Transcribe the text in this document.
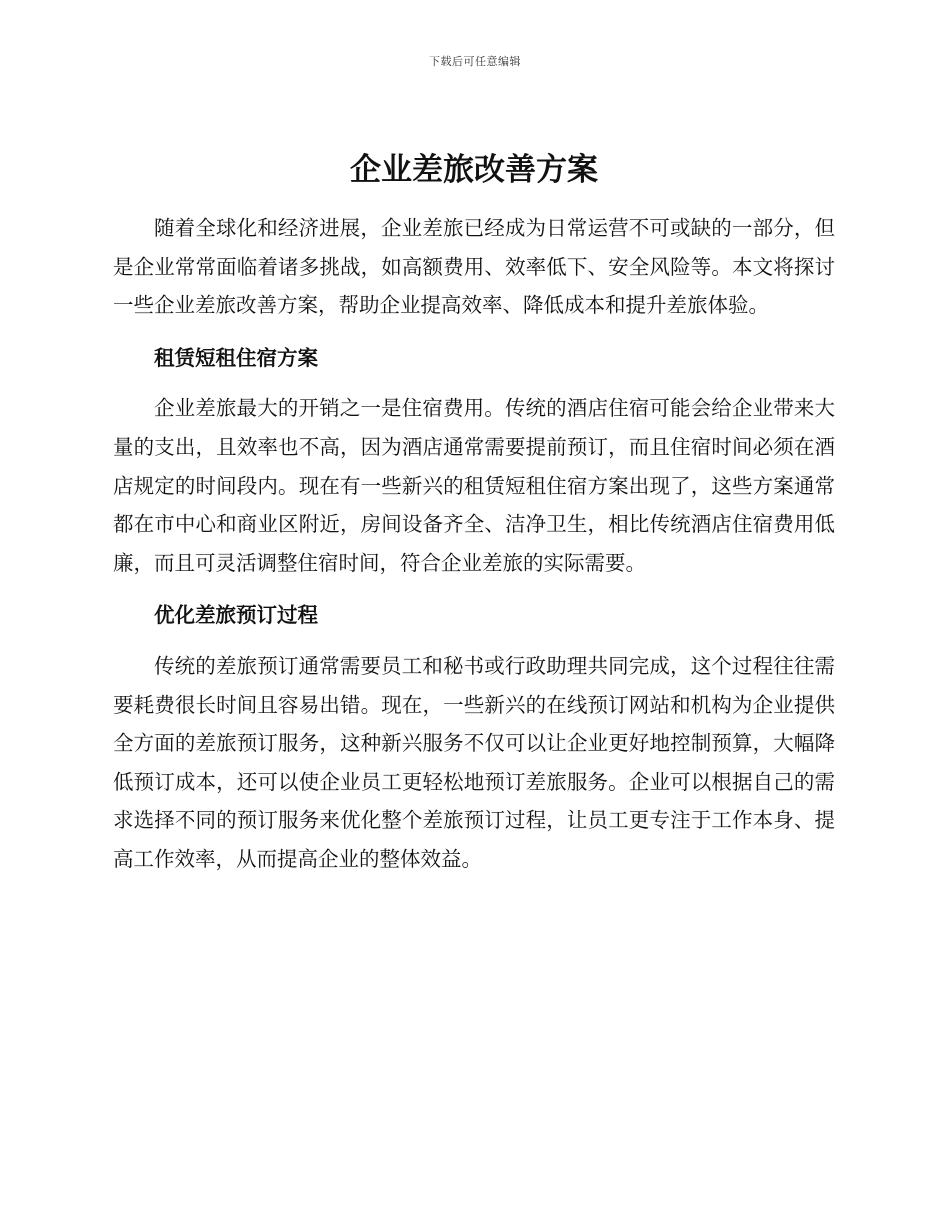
下载后可任意编辑
企业差旅改善方案

随着全球化和经济进展，企业差旅已经成为日常运营不可或缺的一部分，但是企业常常面临着诸多挑战，如高额费用、效率低下、安全风险等。本文将探讨一些企业差旅改善方案，帮助企业提高效率、降低成本和提升差旅体验。

租赁短租住宿方案

企业差旅最大的开销之一是住宿费用。传统的酒店住宿可能会给企业带来大量的支出，且效率也不高，因为酒店通常需要提前预订，而且住宿时间必须在酒店规定的时间段内。现在有一些新兴的租赁短租住宿方案出现了，这些方案通常都在市中心和商业区附近，房间设备齐全、洁净卫生，相比传统酒店住宿费用低廉，而且可灵活调整住宿时间，符合企业差旅的实际需要。

优化差旅预订过程

传统的差旅预订通常需要员工和秘书或行政助理共同完成，这个过程往往需要耗费很长时间且容易出错。现在，一些新兴的在线预订网站和机构为企业提供全方面的差旅预订服务，这种新兴服务不仅可以让企业更好地控制预算，大幅降低预订成本，还可以使企业员工更轻松地预订差旅服务。企业可以根据自己的需求选择不同的预订服务来优化整个差旅预订过程，让员工更专注于工作本身、提高工作效率，从而提高企业的整体效益。
